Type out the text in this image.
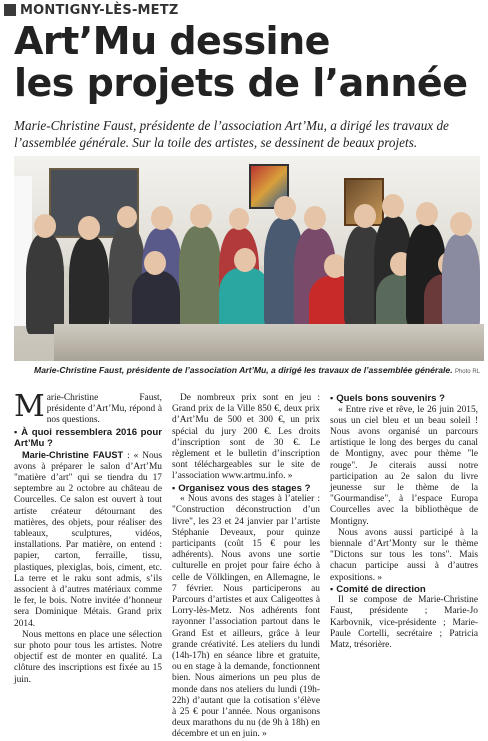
MONTIGNY-LÈS-METZ
Art’Mu dessine
les projets de l’année
Marie-Christine Faust, présidente de l’association Art’Mu, a dirigé les travaux de l’assemblée générale. Sur la toile des artistes, se dessinent de beaux projets.
Marie-Christine Faust, présidente de l’association Art’Mu, a dirigé les travaux de l’assemblée générale. Photo RL

Marie-Christine Faust, présidente d’Art’Mu, répond à nos questions.

▪ À quoi ressemblera 2016 pour Art’Mu ?

Marie-Christine FAUST : « Nous avons à préparer le salon d’Art’Mu "matière d’art" qui se tiendra du 17 septembre au 2 octobre au château de Courcelles. Ce salon est ouvert à tout artiste créateur détournant des matières, des objets, pour réaliser des tableaux, sculptures, vidéos, installations. Par matière, on entend : papier, carton, ferraille, tissu, plastiques, plexiglas, bois, ciment, etc. La terre et le raku sont admis, s’ils associent à d’autres matériaux comme le fer, le bois. Notre invitée d’honneur sera Dominique Métais. Grand prix 2014.

Nous mettons en place une sélection sur photo pour tous les artistes. Notre objectif est de monter en qualité. La clôture des inscriptions est fixée au 15 juin.

De nombreux prix sont en jeu : Grand prix de la Ville 850 €, deux prix d’Art’Mu de 500 et 300 €, un prix spécial du jury 200 €. Les droits d’inscription sont de 30 €. Le règlement et le bulletin d’inscription sont téléchargeables sur le site de l’association www.artmu.info. »

▪ Organisez vous des stages ?

« Nous avons des stages à l’atelier : "Construction déconstruction d’un livre", les 23 et 24 janvier par l’artiste Stéphanie Deveaux, pour quinze participants (coût 15 € pour les adhérents). Nous avons une sortie culturelle en projet pour faire écho à celle de Völklingen, en Allemagne, le 7 février. Nous participerons au Parcours d’artistes et aux Caligeottes à Lorry-lès-Metz. Nos adhérents font rayonner l’association partout dans le Grand Est et ailleurs, grâce à leur grande créativité. Les ateliers du lundi (14h-17h) en séance libre et gratuite, ou en stage à la demande, fonctionnent bien. Nous aimerions un peu plus de monde dans nos ateliers du lundi (19h-22h) d’autant que la cotisation s’élève à 25 € pour l’année. Nous organisons deux marathons du nu (de 9h à 18h) en décembre et un en juin. »

▪ Quels bons souvenirs ?

« Entre rive et rêve, le 26 juin 2015, sous un ciel bleu et un beau soleil ! Nous avons organisé un parcours artistique le long des berges du canal de Montigny, avec pour thème "le rouge". Je citerais aussi notre participation au 2e salon du livre jeunesse sur le thème de la "Gourmandise", à l’espace Europa Courcelles avec la bibliothèque de Montigny.

Nous avons aussi participé à la biennale d’Art’Monty sur le thème "Dictons sur tous les tons". Mais chacun participe aussi à d’autres expositions. »

▪ Comité de direction

Il se compose de Marie-Christine Faust, présidente ; Marie-Jo Karbovnik, vice-présidente ; Marie-Paule Cortelli, secrétaire ; Patricia Matz, trésorière.
